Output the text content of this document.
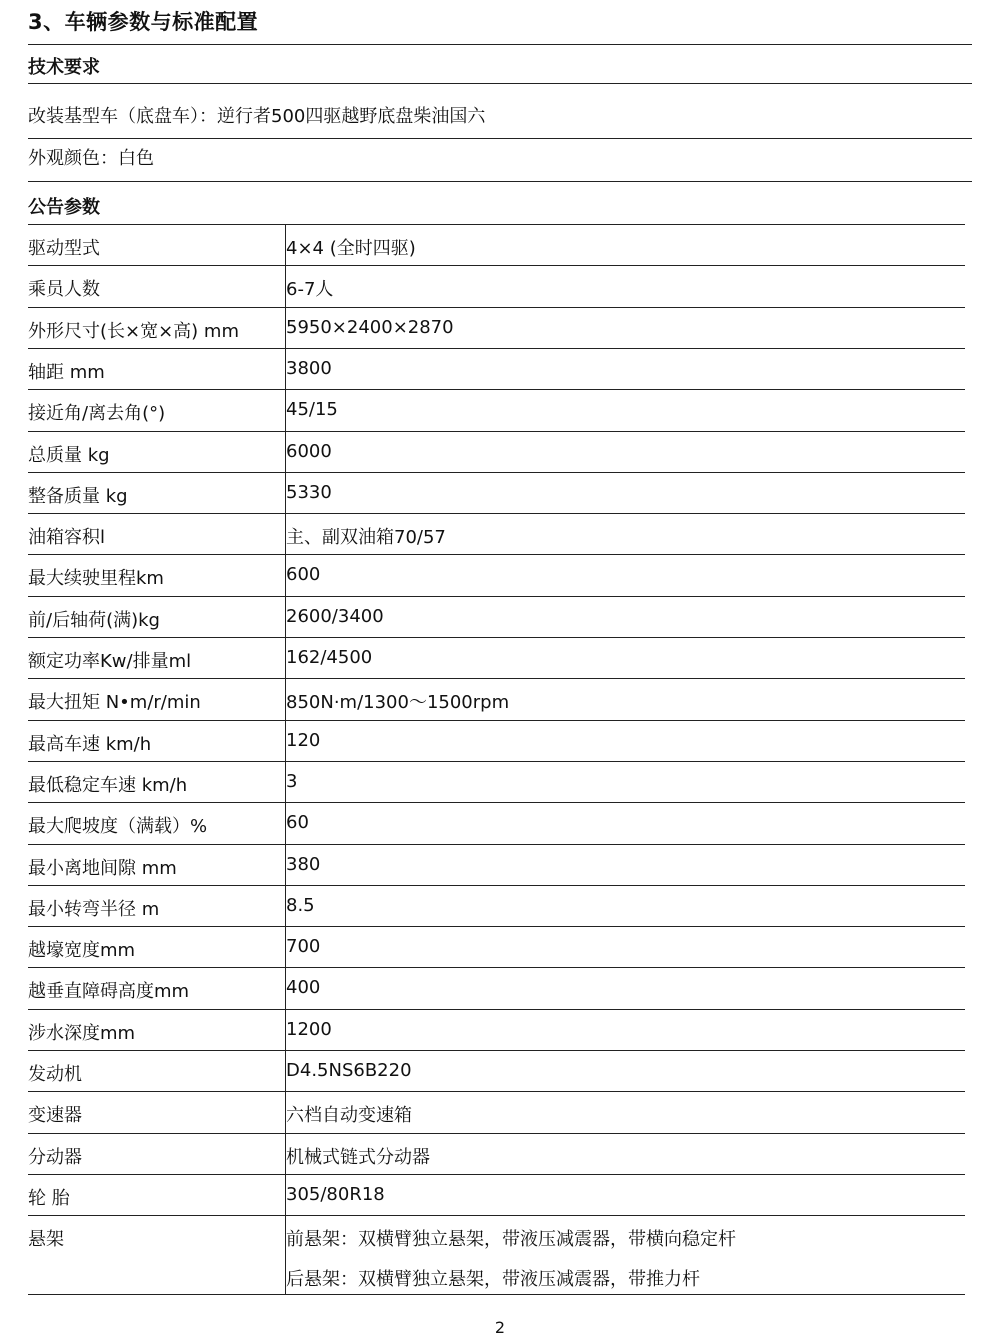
3、车辆参数与标准配置
技术要求
改装基型车（底盘车）：逆行者500四驱越野底盘柴油国六
外观颜色：白色
公告参数
驱动型式	4×4 (全时四驱)
乘员人数	6-7人
外形尺寸(长×宽×高) mm	5950×2400×2870
轴距 mm	3800
接近角/离去角(°)	45/15
总质量 kg	6000
整备质量 kg	5330
油箱容积l	主、副双油箱70/57
最大续驶里程km	600
前/后轴荷(满)kg	2600/3400
额定功率Kw/排量ml	162/4500
最大扭矩 N•m/r/min	850N·m/1300～1500rpm
最高车速 km/h	120
最低稳定车速 km/h	3
最大爬坡度（满载）%	60
最小离地间隙 mm	380
最小转弯半径 m	8.5
越壕宽度mm	700
越垂直障碍高度mm	400
涉水深度mm	1200
发动机	D4.5NS6B220
变速器	六档自动变速箱
分动器	机械式链式分动器
轮 胎	305/80R18
悬架	前悬架：双横臂独立悬架，带液压减震器，带横向稳定杆
后悬架：双横臂独立悬架，带液压减震器，带推力杆
2
